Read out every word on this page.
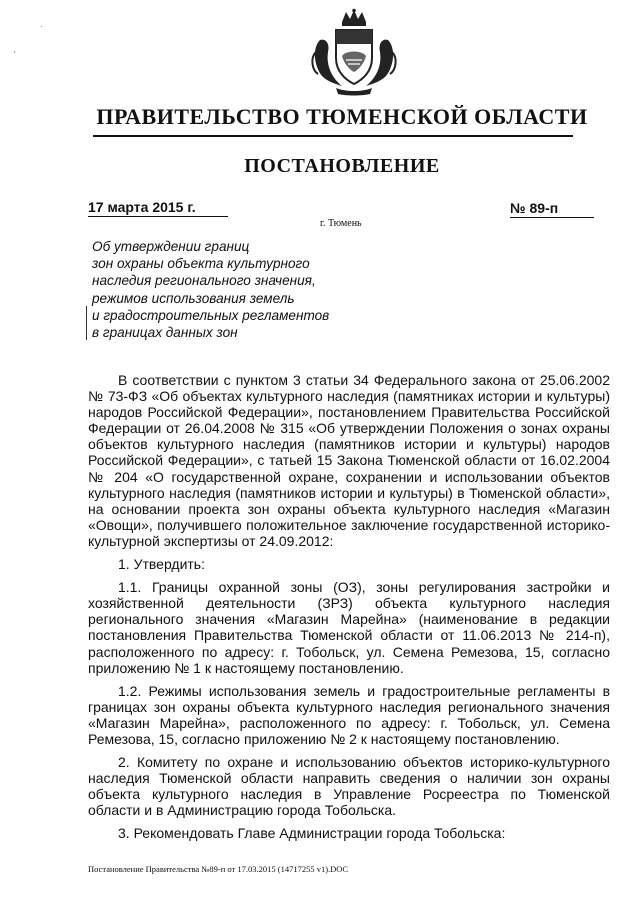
·
'
ПРАВИТЕЛЬСТВО ТЮМЕНСКОЙ ОБЛАСТИ
ПОСТАНОВЛЕНИЕ
17 марта 2015 г.	№ 89-п
г. Тюмень
Об утверждении границ
зон охраны объекта культурного
наследия регионального значения,
режимов использования земель
и градостроительных регламентов
в границах данных зон

В соответствии с пунктом 3 статьи 34 Федерального закона от 25.06.2002 № 73-ФЗ «Об объектах культурного наследия (памятниках истории и культуры) народов Российской Федерации», постановлением Правительства Российской Федерации от 26.04.2008 № 315 «Об утверждении Положения о зонах охраны объектов культурного наследия (памятников истории и культуры) народов Российской Федерации», с татьей 15 Закона Тюменской области от 16.02.2004 № 204 «О государственной охране, сохранении и использовании объектов культурного наследия (памятников истории и культуры) в Тюменской области», на основании проекта зон охраны объекта культурного наследия «Магазин «Овощи», получившего положительное заключение государственной историко-культурной экспертизы от 24.09.2012:

1. Утвердить:

1.1. Границы охранной зоны (ОЗ), зоны регулирования застройки и хозяйственной деятельности (ЗРЗ) объекта культурного наследия регионального значения «Магазин Марейна» (наименование в редакции постановления Правительства Тюменской области от 11.06.2013 № 214-п), расположенного по адресу: г. Тобольск, ул. Семена Ремезова, 15, согласно приложению № 1 к настоящему постановлению.

1.2. Режимы использования земель и градостроительные регламенты в границах зон охраны объекта культурного наследия регионального значения «Магазин Марейна», расположенного по адресу: г. Тобольск, ул. Семена Ремезова, 15, согласно приложению № 2 к настоящему постановлению.

2. Комитету по охране и использованию объектов историко-культурного наследия Тюменской области направить сведения о наличии зон охраны объекта культурного наследия в Управление Росреестра по Тюменской области и в Администрацию города Тобольска.

3. Рекомендовать Главе Администрации города Тобольска:

Постановление Правительства №89-п от 17.03.2015 (14717255 v1).DOC
